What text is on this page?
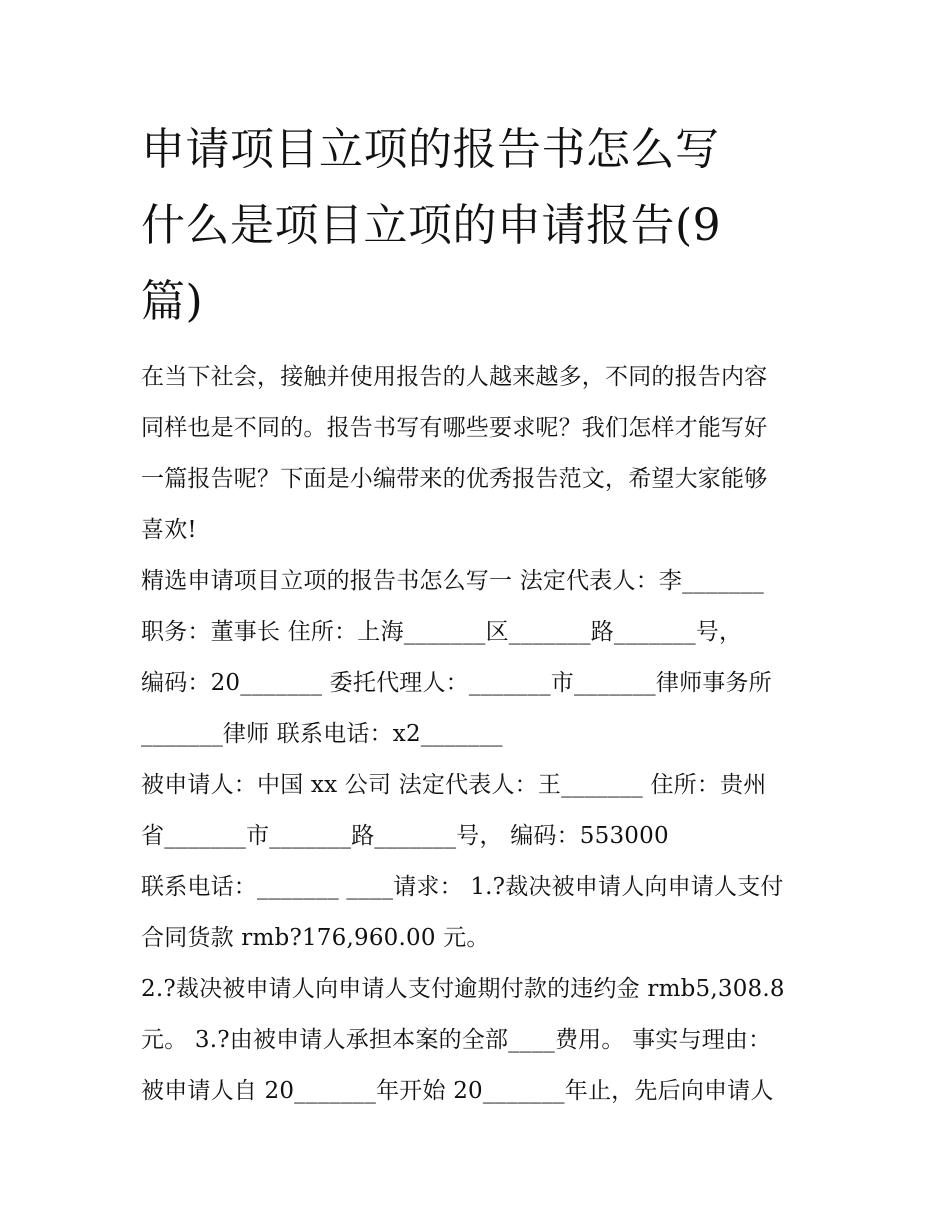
申请项目立项的报告书怎么写
什么是项目立项的申请报告(9
篇)
在当下社会，接触并使用报告的人越来越多，不同的报告内容
同样也是不同的。报告书写有哪些要求呢？我们怎样才能写好
一篇报告呢？下面是小编带来的优秀报告范文，希望大家能够
喜欢!
精选申请项目立项的报告书怎么写一 法定代表人：李_______
职务：董事长 住所：上海_______区_______路_______号，
编码：20_______ 委托代理人：_______市_______律师事务所
_______律师 联系电话：x2_______
被申请人：中国 xx 公司 法定代表人：王_______ 住所：贵州
省_______市_______路_______号， 编码：553000
联系电话：_______ ____请求： 1.?裁决被申请人向申请人支付
合同货款 rmb?176,960.00 元。
2.?裁决被申请人向申请人支付逾期付款的违约金 rmb5,308.8
元。 3.?由被申请人承担本案的全部____费用。 事实与理由：
被申请人自 20_______年开始 20_______年止，先后向申请人
